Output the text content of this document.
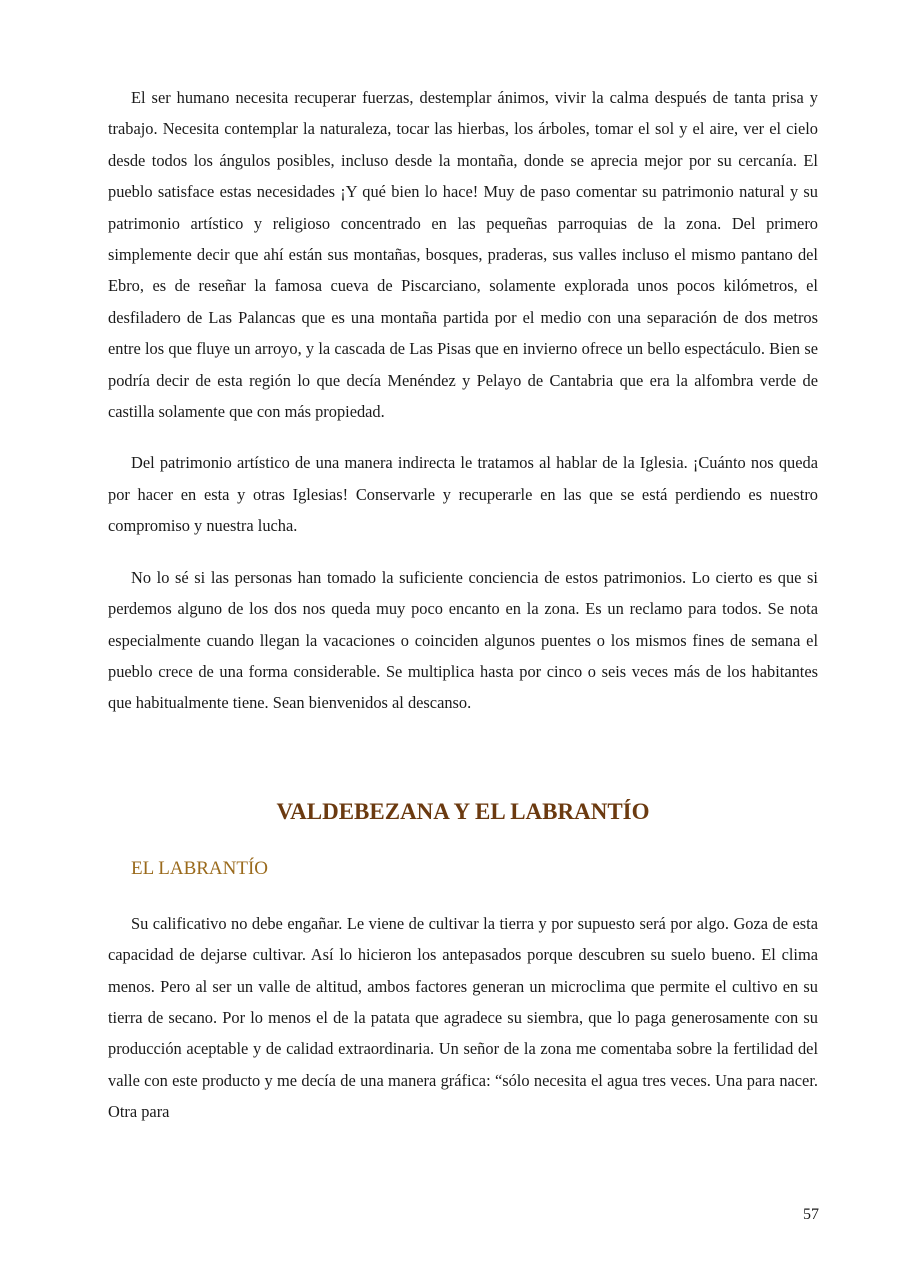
El ser humano necesita recuperar fuerzas, destemplar ánimos, vivir la calma después de tanta prisa y trabajo. Necesita contemplar la naturaleza, tocar las hierbas, los árboles, tomar el sol y el aire, ver el cielo desde todos los ángulos posibles, incluso desde la montaña, donde se aprecia mejor por su cercanía. El pueblo satisface estas necesidades ¡Y qué bien lo hace! Muy de paso comentar su patrimonio natural y su patrimonio artístico y religioso concentrado en las pequeñas parroquias de la zona. Del primero simplemente decir que ahí están sus montañas, bosques, praderas, sus valles incluso el mismo pantano del Ebro, es de reseñar la famosa cueva de Piscarciano, solamente explorada unos pocos kilómetros, el desfiladero de Las Palancas que es una montaña partida por el medio con una separación de dos metros entre los que fluye un arroyo, y la cascada de Las Pisas que en invierno ofrece un bello espectáculo. Bien se podría decir de esta región lo que decía Menéndez y Pelayo de Cantabria que era la alfombra verde de castilla solamente que con más propiedad.

Del patrimonio artístico de una manera indirecta le tratamos al hablar de la Iglesia. ¡Cuánto nos queda por hacer en esta y otras Iglesias! Conservarle y recuperarle en las que se está perdiendo es nuestro compromiso y nuestra lucha.

No lo sé si las personas han tomado la suficiente conciencia de estos patrimonios. Lo cierto es que si perdemos alguno de los dos nos queda muy poco encanto en la zona. Es un reclamo para todos. Se nota especialmente cuando llegan la vacaciones o coinciden algunos puentes o los mismos fines de semana el pueblo crece de una forma considerable. Se multiplica hasta por cinco o seis veces más de los habitantes que habitualmente tiene. Sean bienvenidos al descanso.

VALDEBEZANA Y EL LABRANTÍO
EL LABRANTÍO

Su calificativo no debe engañar. Le viene de cultivar la tierra y por supuesto será por algo. Goza de esta capacidad de dejarse cultivar. Así lo hicieron los antepasados porque descubren su suelo bueno. El clima menos. Pero al ser un valle de altitud, ambos factores generan un microclima que permite el cultivo en su tierra de secano. Por lo menos el de la patata que agradece su siembra, que lo paga generosamente con su producción aceptable y de calidad extraordinaria. Un señor de la zona me comentaba sobre la fertilidad del valle con este producto y me decía de una manera gráfica: “sólo necesita el agua tres veces. Una para nacer. Otra para

57
